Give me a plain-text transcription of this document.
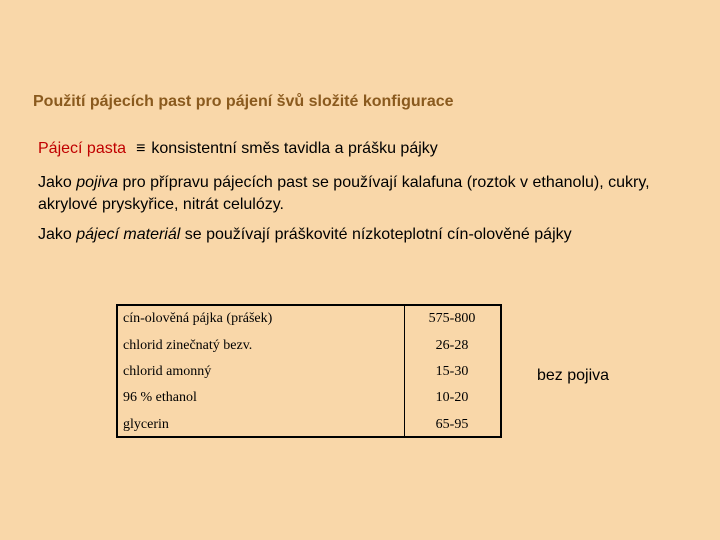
Použití pájecích past pro pájení švů složité konfigurace
Pájecí pasta ≡ konsistentní směs tavidla a prášku pájky
Jako pojiva pro přípravu pájecích past se používají kalafuna (roztok v ethanolu), cukry, akrylové pryskyřice, nitrát celulózy.
Jako pájecí materiál se používají práškovité nízkoteplotní cín-olověné pájky
cín-olověná pájka (prášek)	575-800
chlorid zinečnatý bezv.	26-28
chlorid amonný	15-30
96 % ethanol	10-20
glycerin	65-95
bez pojiva
